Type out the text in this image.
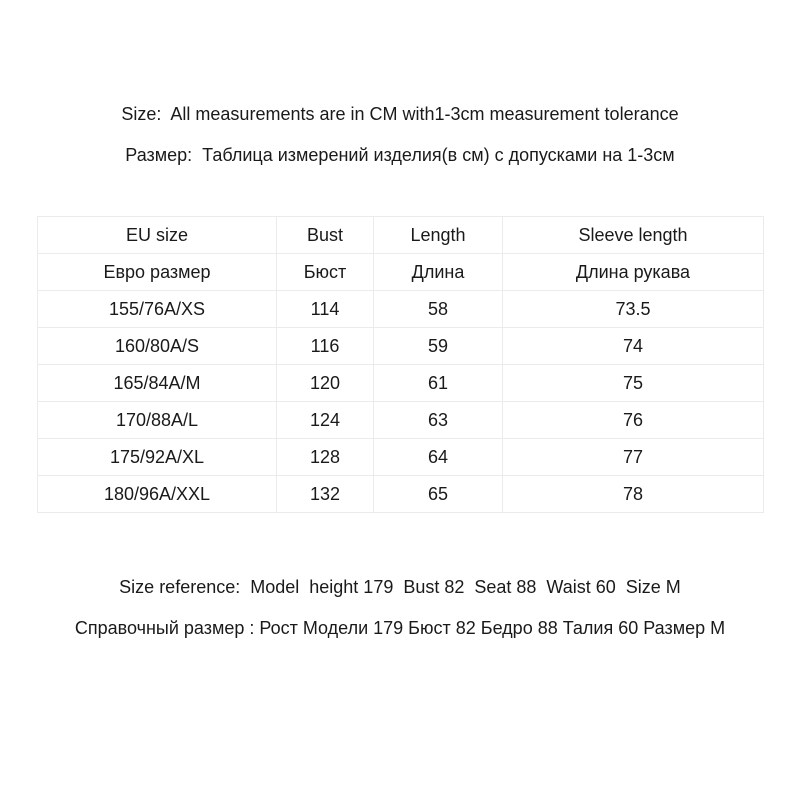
Size:  All measurements are in CM with1-3cm measurement tolerance
Размер:  Таблица измерений изделия(в см) с допусками на 1-3см
EU size	Bust	Length	Sleeve length
Евро размер	Бюст	Длина	Длина рукава
155/76A/XS	114	58	73.5
160/80A/S	116	59	74
165/84A/M	120	61	75
170/88A/L	124	63	76
175/92A/XL	128	64	77
180/96A/XXL	132	65	78
Size reference:  Model  height 179  Bust 82  Seat 88  Waist 60  Size M
Справочный размер : Рост Модели 179 Бюст 82 Бедро 88 Талия 60 Размер М
